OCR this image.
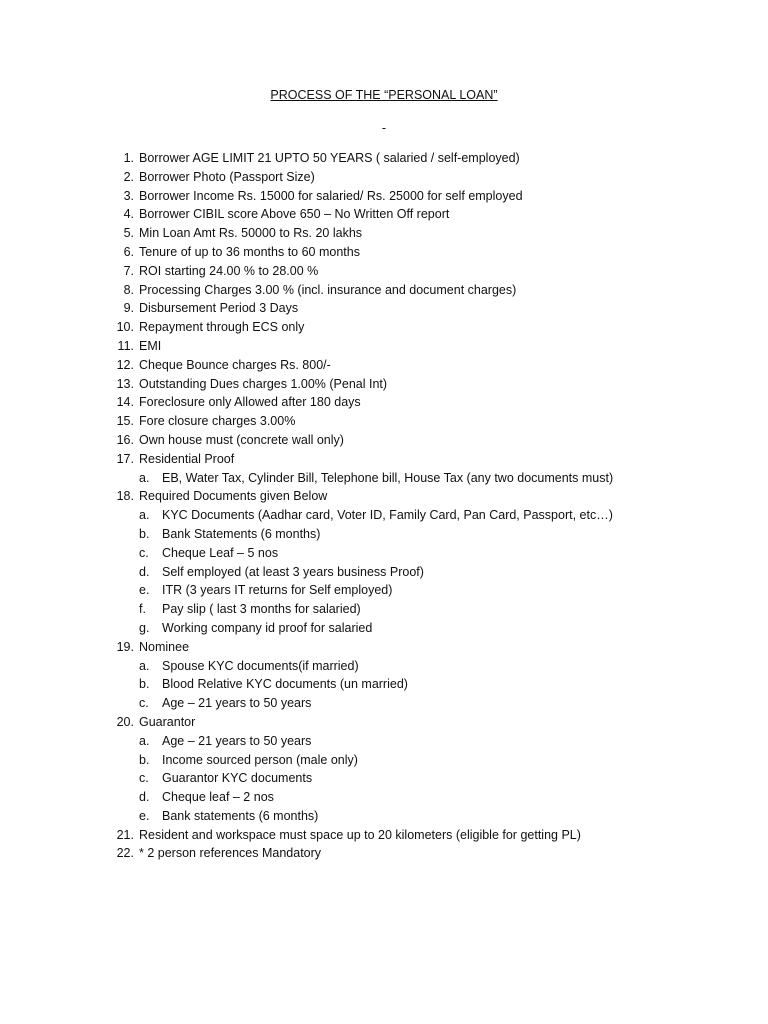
PROCESS OF THE “PERSONAL LOAN”
-
1. Borrower AGE LIMIT 21 UPTO 50 YEARS ( salaried / self-employed)
2. Borrower Photo (Passport Size)
3. Borrower Income Rs. 15000 for salaried/ Rs. 25000 for self employed
4. Borrower CIBIL score Above 650 – No Written Off report
5. Min Loan Amt Rs. 50000 to Rs. 20 lakhs
6. Tenure of up to 36 months to 60 months
7. ROI starting 24.00 % to 28.00 %
8. Processing Charges 3.00 % (incl. insurance and document charges)
9. Disbursement Period 3 Days
10. Repayment through ECS only
11. EMI
12. Cheque Bounce charges Rs. 800/-
13. Outstanding Dues charges 1.00% (Penal Int)
14. Foreclosure only Allowed after 180 days
15. Fore closure charges 3.00%
16. Own house must (concrete wall only)
17. Residential Proof
a. EB, Water Tax, Cylinder Bill, Telephone bill, House Tax (any two documents must)
18. Required Documents given Below
a. KYC Documents (Aadhar card, Voter ID, Family Card, Pan Card, Passport, etc…)
b. Bank Statements (6 months)
c. Cheque Leaf – 5 nos
d. Self employed (at least 3 years business Proof)
e. ITR (3 years IT returns for Self employed)
f. Pay slip ( last 3 months for salaried)
g. Working company id proof for salaried
19. Nominee
a. Spouse KYC documents(if married)
b. Blood Relative KYC documents (un married)
c. Age – 21 years to 50 years
20. Guarantor
a. Age – 21 years to 50 years
b. Income sourced person (male only)
c. Guarantor KYC documents
d. Cheque leaf – 2 nos
e. Bank statements (6 months)
21. Resident and workspace must space up to 20 kilometers (eligible for getting PL)
22. * 2 person references Mandatory
